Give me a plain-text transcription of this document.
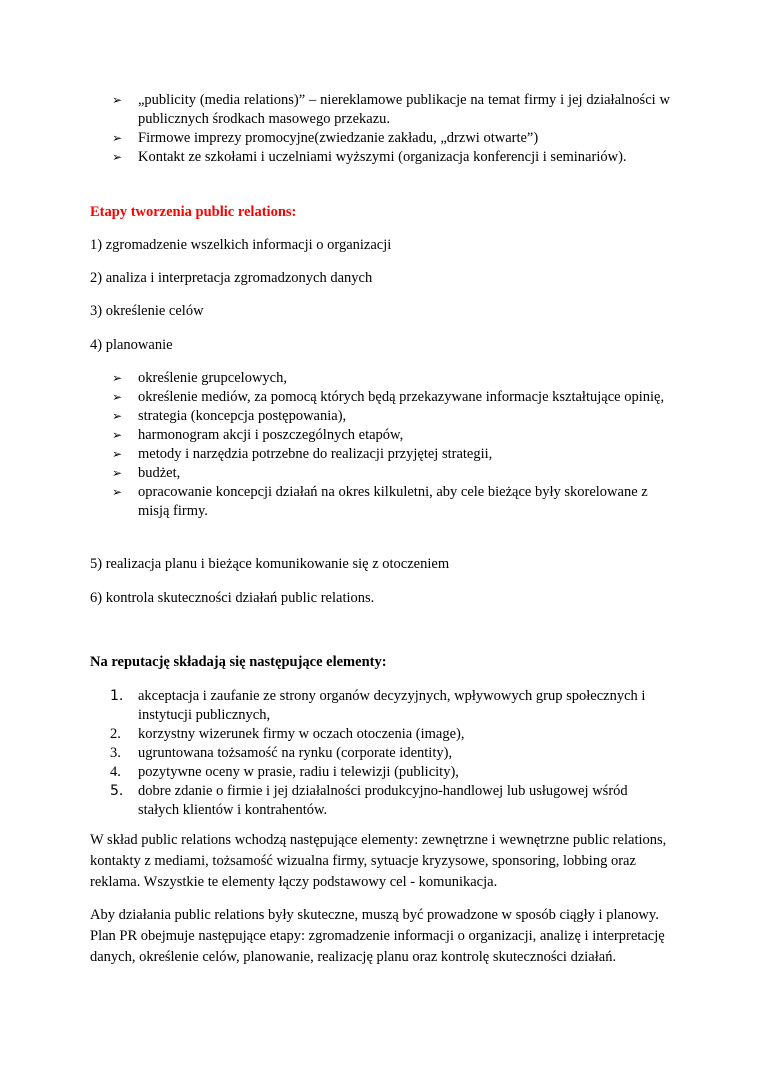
➢ „publicity (media relations)” – niereklamowe publikacje na temat firmy i jej działalności w publicznych środkach masowego przekazu.
➢ Firmowe imprezy promocyjne(zwiedzanie zakładu, „drzwi otwarte”)
➢ Kontakt ze szkołami i uczelniami wyższymi (organizacja konferencji i seminariów).

Etapy tworzenia public relations:

1) zgromadzenie wszelkich informacji o organizacji

2) analiza i interpretacja zgromadzonych danych

3) określenie celów

4) planowanie

➢ określenie grupcelowych,
➢ określenie mediów, za pomocą których będą przekazywane informacje kształtujące opinię,
➢ strategia (koncepcja postępowania),
➢ harmonogram akcji i poszczególnych etapów,
➢ metody i narzędzia potrzebne do realizacji przyjętej strategii,
➢ budżet,
➢ opracowanie koncepcji działań na okres kilkuletni, aby cele bieżące były skorelowane z misją firmy.

5) realizacja planu i bieżące komunikowanie się z otoczeniem

6) kontrola skuteczności działań public relations.

Na reputację składają się następujące elementy:

1. akceptacja i zaufanie ze strony organów decyzyjnych, wpływowych grup społecznych i instytucji publicznych,
2. korzystny wizerunek firmy w oczach otoczenia (image),
3. ugruntowana tożsamość na rynku (corporate identity),
4. pozytywne oceny w prasie, radiu i telewizji (publicity),
5. dobre zdanie o firmie i jej działalności produkcyjno-handlowej lub usługowej wśród stałych klientów i kontrahentów.

W skład public relations wchodzą następujące elementy: zewnętrzne i wewnętrzne public relations, kontakty z mediami, tożsamość wizualna firmy, sytuacje kryzysowe, sponsoring, lobbing oraz reklama. Wszystkie te elementy łączy podstawowy cel - komunikacja.

Aby działania public relations były skuteczne, muszą być prowadzone w sposób ciągły i planowy. Plan PR obejmuje następujące etapy: zgromadzenie informacji o organizacji, analizę i interpretację danych, określenie celów, planowanie, realizację planu oraz kontrolę skuteczności działań.
